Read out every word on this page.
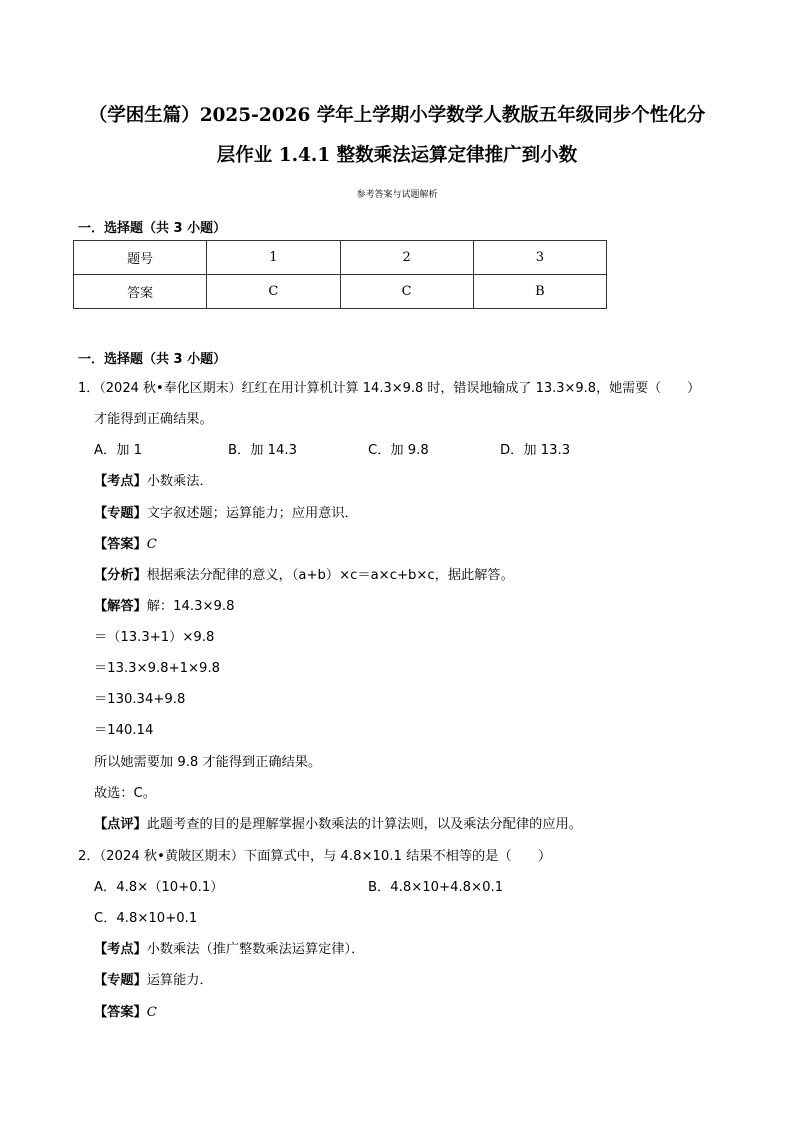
（学困生篇）2025-2026 学年上学期小学数学人教版五年级同步个性化分
层作业 1.4.1 整数乘法运算定律推广到小数
参考答案与试题解析
一．选择题（共 3 小题）
题号	1	2	3
答案	C	C	B
一．选择题（共 3 小题）
1．（2024 秋•奉化区期末）红红在用计算机计算 14.3×9.8 时，错误地输成了 13.3×9.8，她需要（　　）
才能得到正确结果。
A．加 1	B．加 14.3	C．加 9.8	D．加 13.3
【考点】小数乘法．
【专题】文字叙述题；运算能力；应用意识．
【答案】C
【分析】根据乘法分配律的意义，（a+b）×c＝a×c+b×c，据此解答。
【解答】解：14.3×9.8
＝（13.3+1）×9.8
＝13.3×9.8+1×9.8
＝130.34+9.8
＝140.14
所以她需要加 9.8 才能得到正确结果。
故选：C。
【点评】此题考查的目的是理解掌握小数乘法的计算法则，以及乘法分配律的应用。
2．（2024 秋•黄陂区期末）下面算式中，与 4.8×10.1 结果不相等的是（　　）
A．4.8×（10+0.1）	B．4.8×10+4.8×0.1
C．4.8×10+0.1
【考点】小数乘法（推广整数乘法运算定律）．
【专题】运算能力．
【答案】C
